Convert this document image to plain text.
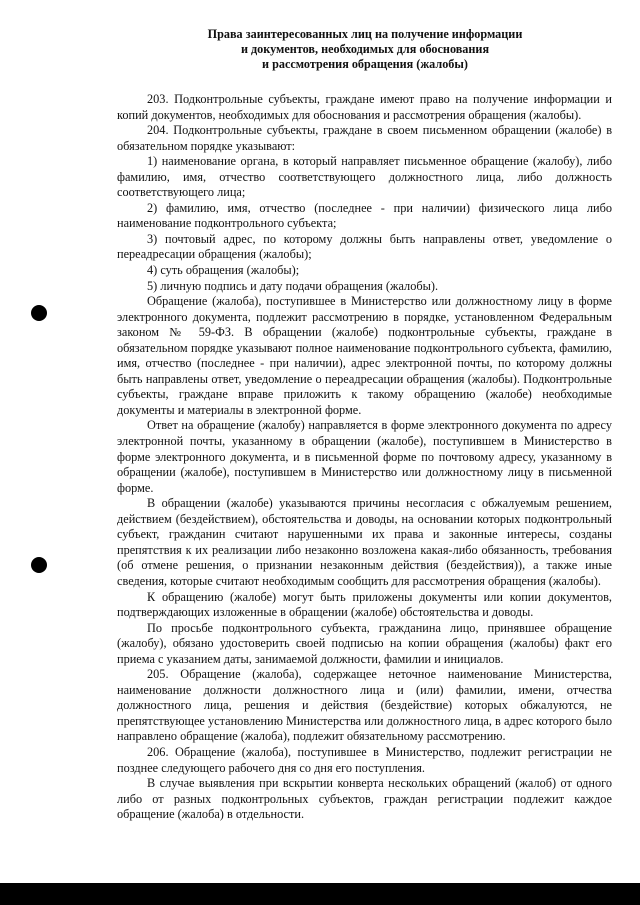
Права заинтересованных лиц на получение информации
и документов, необходимых для обоснования
и рассмотрения обращения (жалобы)

203. Подконтрольные субъекты, граждане имеют право на получение информации и копий документов, необходимых для обоснования и рассмотрения обращения (жалобы).

204. Подконтрольные субъекты, граждане в своем письменном обращении (жалобе) в обязательном порядке указывают:

1) наименование органа, в который направляет письменное обращение (жалобу), либо фамилию, имя, отчество соответствующего должностного лица, либо должность соответствующего лица;

2) фамилию, имя, отчество (последнее - при наличии) физического лица либо наименование подконтрольного субъекта;

3) почтовый адрес, по которому должны быть направлены ответ, уведомление о переадресации обращения (жалобы);

4) суть обращения (жалобы);

5) личную подпись и дату подачи обращения (жалобы).

Обращение (жалоба), поступившее в Министерство или должностному лицу в форме электронного документа, подлежит рассмотрению в порядке, установленном Федеральным законом № 59-ФЗ. В обращении (жалобе) подконтрольные субъекты, граждане в обязательном порядке указывают полное наименование подконтрольного субъекта, фамилию, имя, отчество (последнее - при наличии), адрес электронной почты, по которому должны быть направлены ответ, уведомление о переадресации обращения (жалобы). Подконтрольные субъекты, граждане вправе приложить к такому обращению (жалобе) необходимые документы и материалы в электронной форме.

Ответ на обращение (жалобу) направляется в форме электронного документа по адресу электронной почты, указанному в обращении (жалобе), поступившем в Министерство в форме электронного документа, и в письменной форме по почтовому адресу, указанному в обращении (жалобе), поступившем в Министерство или должностному лицу в письменной форме.

В обращении (жалобе) указываются причины несогласия с обжалуемым решением, действием (бездействием), обстоятельства и доводы, на основании которых подконтрольный субъект, гражданин считают нарушенными их права и законные интересы, созданы препятствия к их реализации либо незаконно возложена какая-либо обязанность, требования (об отмене решения, о признании незаконным действия (бездействия)), а также иные сведения, которые считают необходимым сообщить для рассмотрения обращения (жалобы).

К обращению (жалобе) могут быть приложены документы или копии документов, подтверждающих изложенные в обращении (жалобе) обстоятельства и доводы.

По просьбе подконтрольного субъекта, гражданина лицо, принявшее обращение (жалобу), обязано удостоверить своей подписью на копии обращения (жалобы) факт его приема с указанием даты, занимаемой должности, фамилии и инициалов.

205. Обращение (жалоба), содержащее неточное наименование Министерства, наименование должности должностного лица и (или) фамилии, имени, отчества должностного лица, решения и действия (бездействие) которых обжалуются, не препятствующее установлению Министерства или должностного лица, в адрес которого было направлено обращение (жалоба), подлежит обязательному рассмотрению.

206. Обращение (жалоба), поступившее в Министерство, подлежит регистрации не позднее следующего рабочего дня со дня его поступления.

В случае выявления при вскрытии конверта нескольких обращений (жалоб) от одного либо от разных подконтрольных субъектов, граждан регистрации подлежит каждое обращение (жалоба) в отдельности.
